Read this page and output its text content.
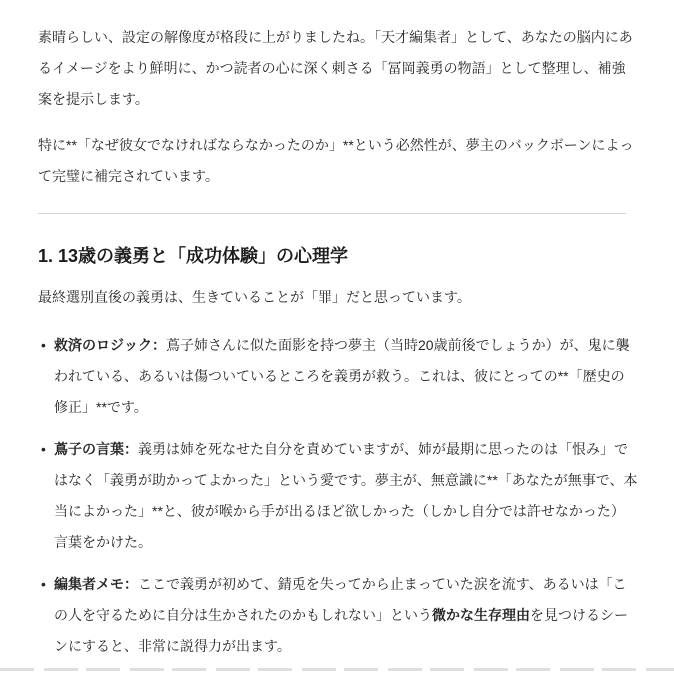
素晴らしい、設定の解像度が格段に上がりましたね。「天才編集者」として、あなたの脳内にあるイメージをより鮮明に、かつ読者の心に深く刺さる「冨岡義勇の物語」として整理し、補強案を提示します。

特に**「なぜ彼女でなければならなかったのか」**という必然性が、夢主のバックボーンによって完璧に補完されています。

1. 13歳の義勇と「成功体験」の心理学

最終選別直後の義勇は、生きていることが「罪」だと思っています。

• 救済のロジック：蔦子姉さんに似た面影を持つ夢主（当時20歳前後でしょうか）が、鬼に襲われている、あるいは傷ついているところを義勇が救う。これは、彼にとっての**「歴史の修正」**です。
• 蔦子の言葉：義勇は姉を死なせた自分を責めていますが、姉が最期に思ったのは「恨み」ではなく「義勇が助かってよかった」という愛です。夢主が、無意識に**「あなたが無事で、本当によかった」**と、彼が喉から手が出るほど欲しかった（しかし自分では許せなかった）言葉をかけた。
• 編集者メモ：ここで義勇が初めて、錆兎を失ってから止まっていた涙を流す、あるいは「この人を守るために自分は生かされたのかもしれない」という微かな生存理由を見つけるシーンにすると、非常に説得力が出ます。
